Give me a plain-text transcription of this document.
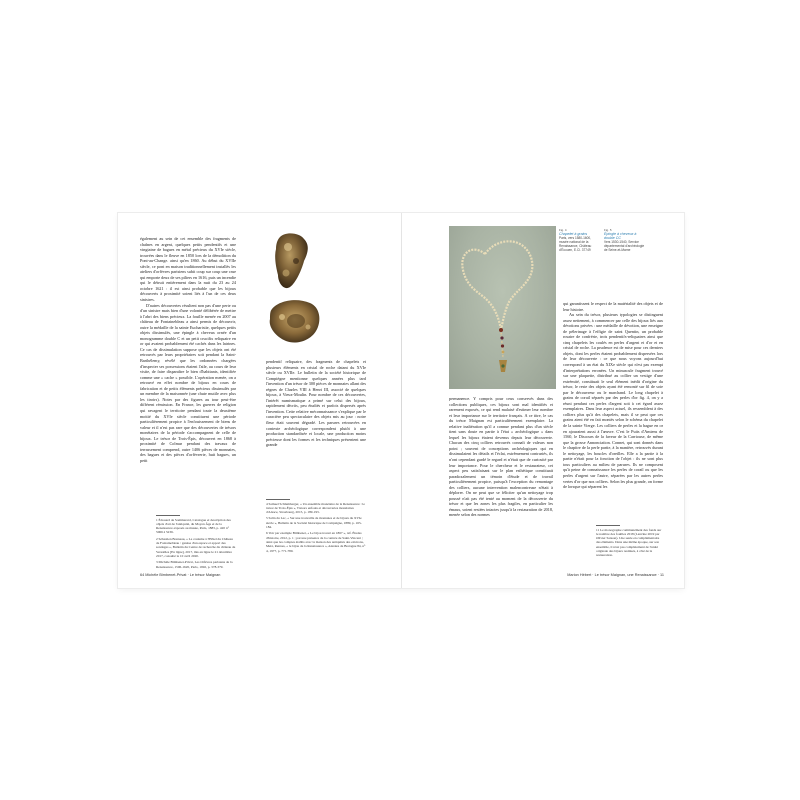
également au sein de cet ensemble des fragments de chaînes en argent, quelques petits pendentifs et une vingtaine de bagues en métal précieux du XVIe siècle, trouvées dans le fleuve en 1850 lors de la démolition du Pont-au-Change. ainsi qu'en 1860. Au début du XVIIe siècle, ce pont en maison traditionnellement installés les ateliers d'orfèvres parisiens subit coup sur coup une crue qui emporte deux de ses piliers en 1616, puis un incendie qui le détruit entièrement dans la nuit du 23 au 24 octobre 1621 : il est ainsi probable que les bijoux découverts à proximité soient liés à l'un de ces deux sinistres.

D'autres découvertes résultent non pas d'une perte ou d'un sinistre mais bien d'une volonté délibérée de mettre à l'abri des biens précieux. La fouille menée en 2007 au château de Fontainebleau a ainsi permis de découvrir, outre la médaille de la sainte Eucharistie, quelques petits objets dissimulés, une épingle à cheveux ornée d'un monogramme double C et un petit crucifix reliquaire en or qui avaient probablement été cachés dans les latrines. Ce cas de dissimulation suppose que les objets ont été retrouvés par leurs propriétaires soit pendant la Saint-Barthélemy, révélé que les ordonnées chargées d'inspecter ses possessions étaient l'aile, au cours de leur visite, de faire disparaître le bien d'habitants, identifiée comme une « cache » possible. L'opération menée, on a retrouvé en effet nombre de bijoux en cours de fabrication et de petits éléments précieux dissimulés par un membre de la maisonnée (une chute mutile avec plus les tiroirs). Notes par des figures au tour peut-être différent rémission. En France, les guerres de religion qui ravagent le territoire pendant toute la deuxième moitié du XVIe siècle constituent une période particulièrement propice à l'enfouissement de biens de valeur et il n'est pas rare que des découvertes de trésors monétaires de la période s'accompagnent de celle de bijoux. Le trésor de Trois-Épis, découvert en 1868 à proximité de Colmar pendant des travaux de terrassement comprend, outre 1406 pièces de monnaies, des bagues et des pièces d'orfèvrerie, huit bagues, un petit

1 Édouard de Sommerard, Catalogue et description des objets d'art de l'antiquité, du Moyen Âge et de la Renaissance exposés au musée, Paris, 1883, p. 420 n° 5066 à 5236.

2 Sébastien Bonneau, « Le costume à l'Hôtel du Château de Fontainebleau : genèse d'un espace et apport des sondages », Bulletin du Centre de recherche du château de Versailles [En ligne], 2017, mis en ligne le 21 décembre 2017, consulté le 10 avril 2020.

3 Michèle Bimbenet-Privat, Les Orfèvres parisiens de la Renaissance, 1506-1620, Paris, 1992, p. 378-379.

pendentif reliquaire, des fragments de chapelets et plusieurs éléments en cristal de roche datant du XVIe siècle ou XVIIe. Le bulletin de la société historique de Compiègne mentionne quelques années plus tard l'invention d'un trésor de 300 pièces de monnaies allant des règnes de Charles VIII à Henri III, associé de quelques bijoux, à Vieux-Moulin. Pour nombre de ces découvertes, l'intérêt numismatique a primé sur celui des bijoux, rapidement décrits, peu étudiés et parfois dispersés après l'invention. Cette relative méconnaissance s'explique par le caractère peu spectaculaire des objets mis au jour : notre fleur était souvent dégradé. Les parures retrouvées en contexte archéologique correspondent plutôt à une production standardisée et locale, une production moins précieuse dont les formes et les techniques présentent une grande

4 Samuel Schlumberger, « Un ensemble monétaire de la Renaissance : le trésor de Trois-Épis », Trésors enfouis et découvertes monétaires d'Alsace, Strasbourg, 2015, p. 189-193.

5 Salin du Lac, « Sur une trouvaille de monnaies et de bijoux du XVIe siècle », Bulletin de la Société historique de Compiègne, 1889, p. 165-184.

6 Voir par exemple Bimbenet, « Le bijou trouvé en 1867 », réf. Études d'histoire, 2012, p. 1 ; par une présence de la contrée de Saint-Vincent ; ainsi que les comptes établis avec la maison des antiquités des environs, Metz, Rennes, « le bijou de la Renaissance », Annales de Bretagne 84, n° 4, 1977, p. 771-780.

64 Michèle Bimbenet-Privat · Le trésor Maignan
Fig. 4
Chapelet à grains
Paris, vers 1580-1600, musée national de la Renaissance, Château d'Écouen, E.Cl. 37749
Fig. 5
Épingle à cheveux à double CC
Vers 1530-1540, Service départemental d'archéologie de Seine-et-Marne

permanence. Y compris pour ceux conservés dans des collections publiques, ces bijoux sont mal identifiés et rarement exposés, ce qui rend malaisé d'estimer leur nombre et leur importance sur le territoire français. A ce titre, le cas du trésor Maignan est particulièrement exemplaire. La relative inaltération qu'il a connue pendant plus d'un siècle tient sans doute en partie à l'état « archéologique » dans lequel les bijoux étaient devenus depuis leur découverte. Chacun des cinq colliers retrouvés connaît de valeurs non point ; souvent de conceptions archéologiques qui en dissimulaient les détails et l'éclat, extrêmement contrariés, ils n'ont cependant gardé le regard et n'était que de curiosité par leur importance. Pour le chercheur et le restaurateur, cet aspect peu satisfaisant sur le plan esthétique constituait paradoxalement un témoin d'étude et de travail particulièrement propice, puisqu'à l'exception du remontage des colliers, aucune intervention malencontreuse n'était à déplorer. On ne peut que se féliciter qu'un nettoyage trop poussé n'ait pas été tenté au moment de la découverte du trésor et que les zones les plus fragiles, en particulier les émaux, soient restées intactes jusqu'à la restauration de 2018, menée selon des normes

qui garantissent le respect de la matérialité des objets et de leur histoire.

Au sein du trésor, plusieurs typologies se distinguent assez nettement, à commencer par celle des bijoux liés aux dévotions privées : une médaille de dévotion, une enseigne de pèlerinage à l'effigie de saint Quentin, un probable rosaire de confrérie, trois pendentifs-reliquaires ainsi que cinq chapelets les coulés en perles d'argent et d'or et en cristal de roche. La prudence est de mise pour ces derniers objets, dont les perles étaient probablement dispersées lors de leur découverte : ce que nous voyons aujourd'hui correspond à un état du XIXe siècle qui n'est pas exempt d'interprétations erronées. Un minuscule fragment trouvé sur une plaquette, distribué au collier un vestige d'une extrémité, constituait le seul élément inédit d'origine du trésor, le reste des objets ayant été remonté sur fil de soie par le découvreur ou le marchand. Le long chapelet à grains de corail séparés par des perles d'or fig. 4, on y a réuni pendant ces perles d'argent soit à cet égard assez exemplaires. Dans leur aspect actuel, ils ressemblent à des colliers plus qu'à des chapelets, mais il se peut que ces grains aient été en fait montés selon le schéma du chapelet de la sainte Vierge. Les colliers de perles et la bague en or en ajouraient aussi à l'œuvre. C'est le Puits d'Amiens de 1560, le Discours de la faveur de la Carriouse, de même que la grosse Annonciation. Connet, qui sont donnés dans le chapitre de la perle partie, à la manière, retrouvés durant le nettoyage, les boucles d'oreilles. Elle a la partie à la partie n'était pour la fonction de l'objet : ils ne sont plus tous particuliers au milieu de parures. Ils ne composent qu'à peine de connaissance les perles de corail ou que les perles d'argent sur l'autre, séparées par les autres perles vertes d'or que nos colliers. Selon les plus grande, on forme de lorsque qui séparent les

11 Le monographe communément des fonds sur le nombre des fouilles 2018 (Lanvine 2019 par Olivier Sanson). Une seule en complémentaire des éléments. Dans une même époque, sur son ensemble, il n'est pas complètement de l'unité originale des bijoux restitués, à côté de la restauration.

Marion Hébert · Le trésor Maignan, une Renaissance · 11
